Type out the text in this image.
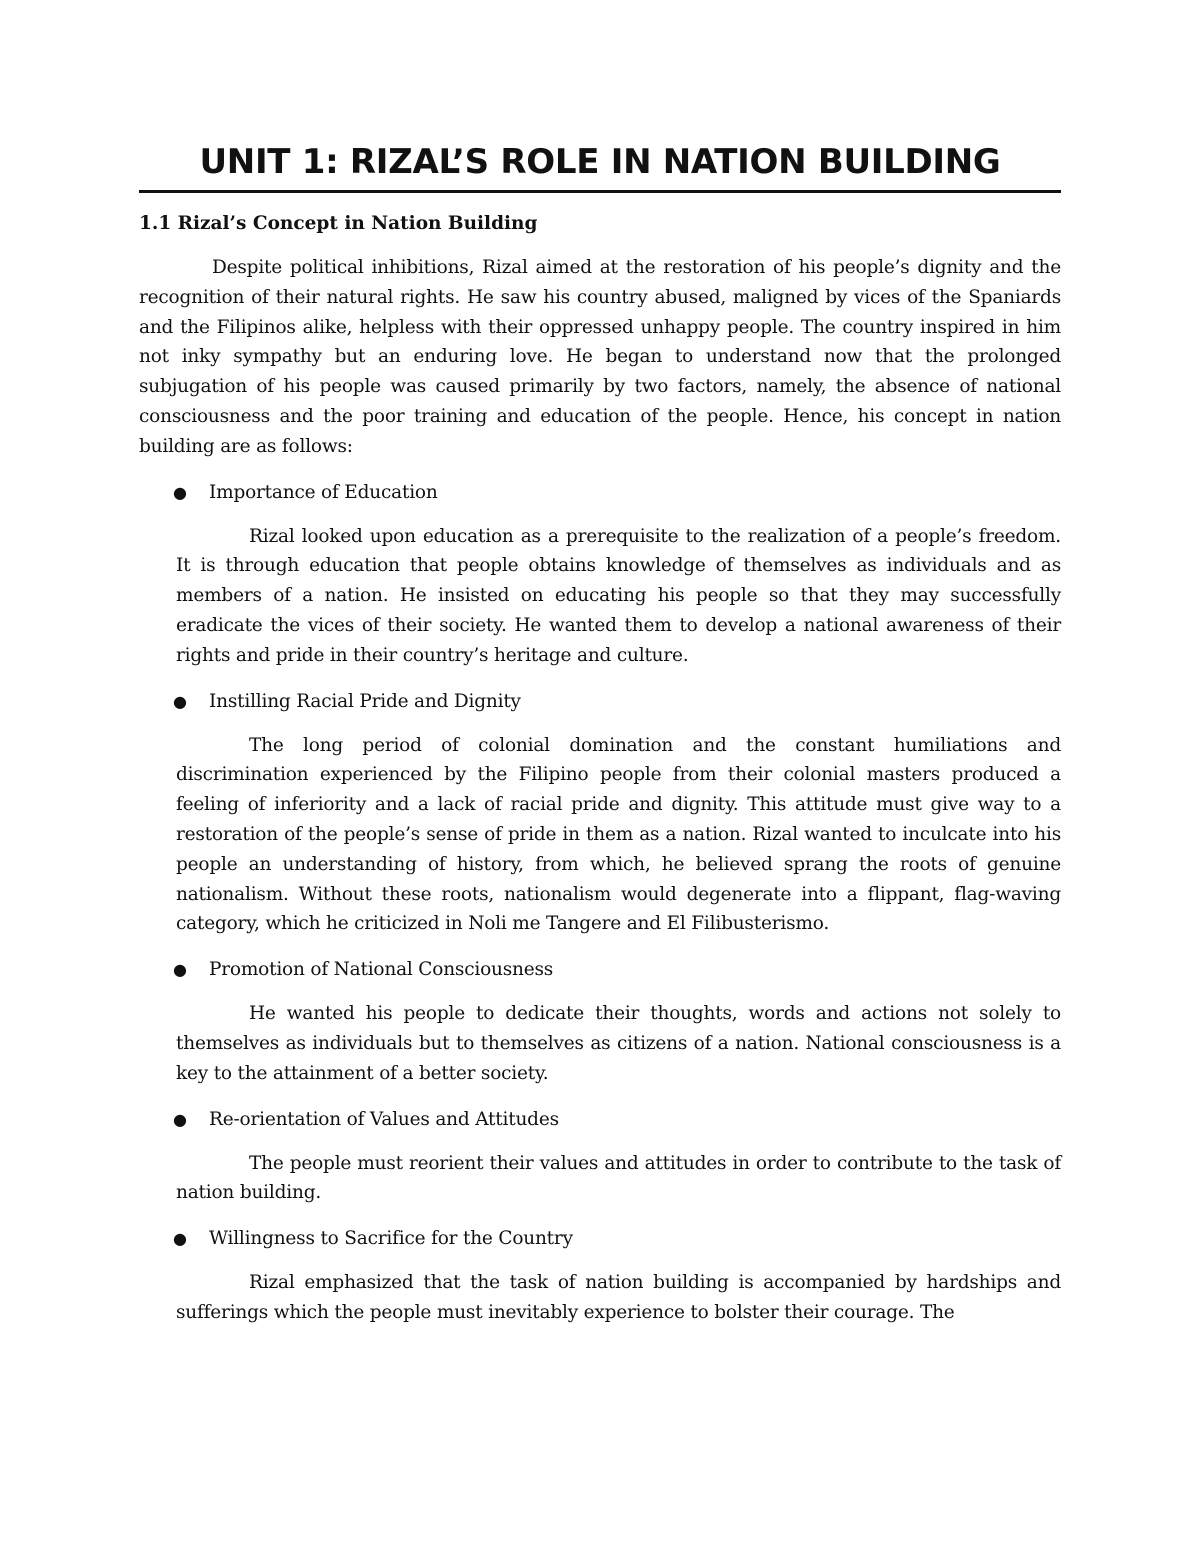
UNIT 1: RIZAL’S ROLE IN NATION BUILDING
1.1 Rizal’s Concept in Nation Building

Despite political inhibitions, Rizal aimed at the restoration of his people’s dignity and the recognition of their natural rights. He saw his country abused, maligned by vices of the Spaniards and the Filipinos alike, helpless with their oppressed unhappy people. The country inspired in him not inky sympathy but an enduring love. He began to understand now that the prolonged subjugation of his people was caused primarily by two factors, namely, the absence of national consciousness and the poor training and education of the people. Hence, his concept in nation building are as follows:

●	Importance of Education

Rizal looked upon education as a prerequisite to the realization of a people’s freedom. It is through education that people obtains knowledge of themselves as individuals and as members of a nation. He insisted on educating his people so that they may successfully eradicate the vices of their society. He wanted them to develop a national awareness of their rights and pride in their country’s heritage and culture.

●	Instilling Racial Pride and Dignity

The long period of colonial domination and the constant humiliations and discrimination experienced by the Filipino people from their colonial masters produced a feeling of inferiority and a lack of racial pride and dignity. This attitude must give way to a restoration of the people’s sense of pride in them as a nation. Rizal wanted to inculcate into his people an understanding of history, from which, he believed sprang the roots of genuine nationalism. Without these roots, nationalism would degenerate into a flippant, flag-waving category, which he criticized in Noli me Tangere and El Filibusterismo.

●	Promotion of National Consciousness

He wanted his people to dedicate their thoughts, words and actions not solely to themselves as individuals but to themselves as citizens of a nation. National consciousness is a key to the attainment of a better society.

●	Re-orientation of Values and Attitudes

The people must reorient their values and attitudes in order to contribute to the task of nation building.

●	Willingness to Sacrifice for the Country

Rizal emphasized that the task of nation building is accompanied by hardships and sufferings which the people must inevitably experience to bolster their courage. The
